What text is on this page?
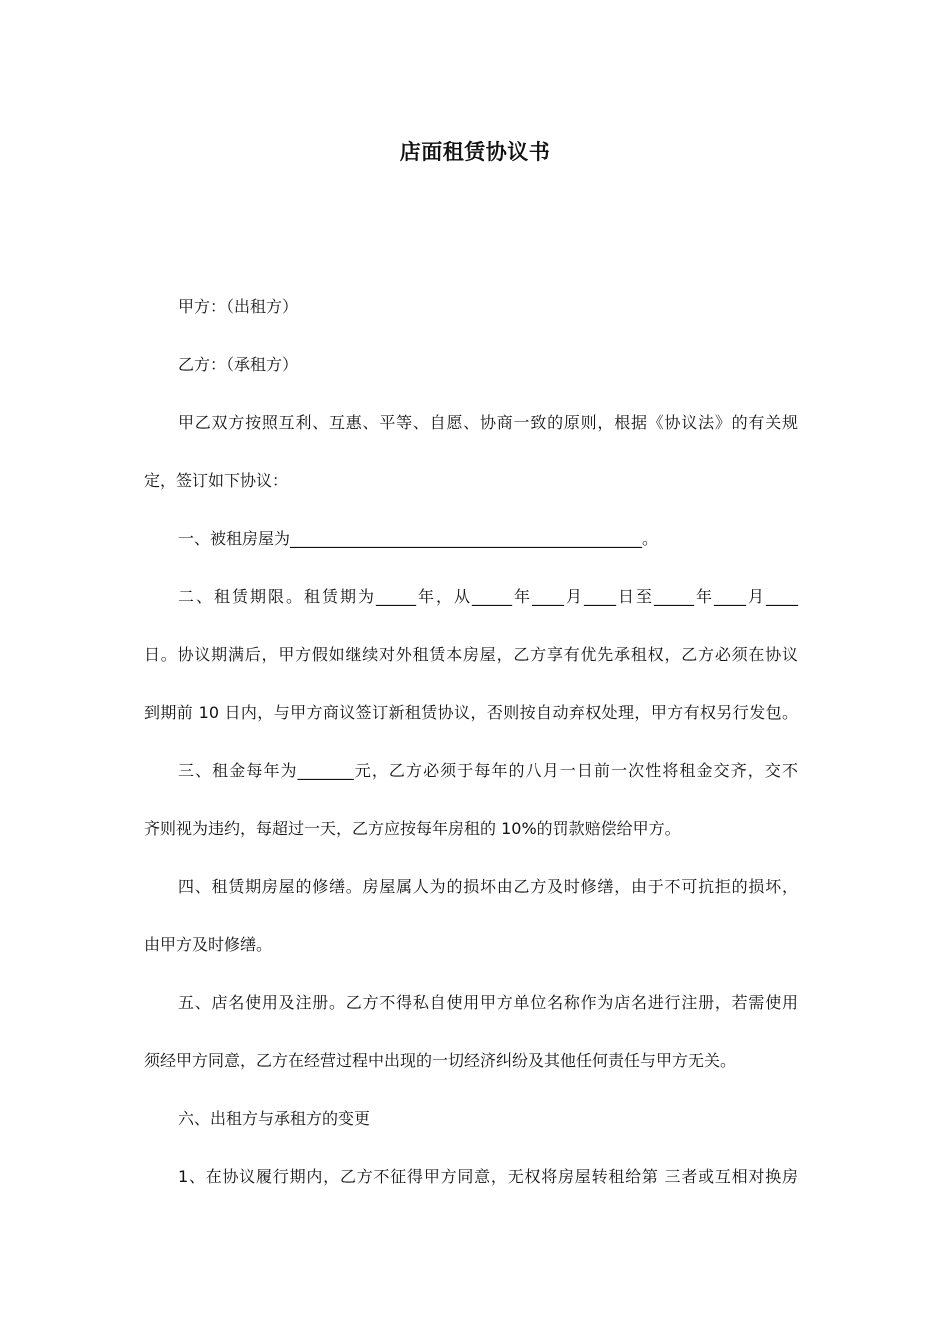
店面租赁协议书

甲方：（出租方）

乙方：（承租方）

甲乙双方按照互利、互惠、平等、自愿、协商一致的原则，根据《协议法》的有关规

定，签订如下协议：

一、被租房屋为____________________________________________。

二、租赁期限。租赁期为_____年，从_____年____月____日至_____年____月____

日。协议期满后，甲方假如继续对外租赁本房屋，乙方享有优先承租权，乙方必须在协议

到期前 10 日内，与甲方商议签订新租赁协议，否则按自动弃权处理，甲方有权另行发包。

三、租金每年为_______元，乙方必须于每年的八月一日前一次性将租金交齐，交不

齐则视为违约，每超过一天，乙方应按每年房租的 10%的罚款赔偿给甲方。

四、租赁期房屋的修缮。房屋属人为的损坏由乙方及时修缮，由于不可抗拒的损坏，

由甲方及时修缮。

五、店名使用及注册。乙方不得私自使用甲方单位名称作为店名进行注册，若需使用

须经甲方同意，乙方在经营过程中出现的一切经济纠纷及其他任何责任与甲方无关。

六、出租方与承租方的变更

1、在协议履行期内，乙方不征得甲方同意，无权将房屋转租给第 三者或互相对换房
